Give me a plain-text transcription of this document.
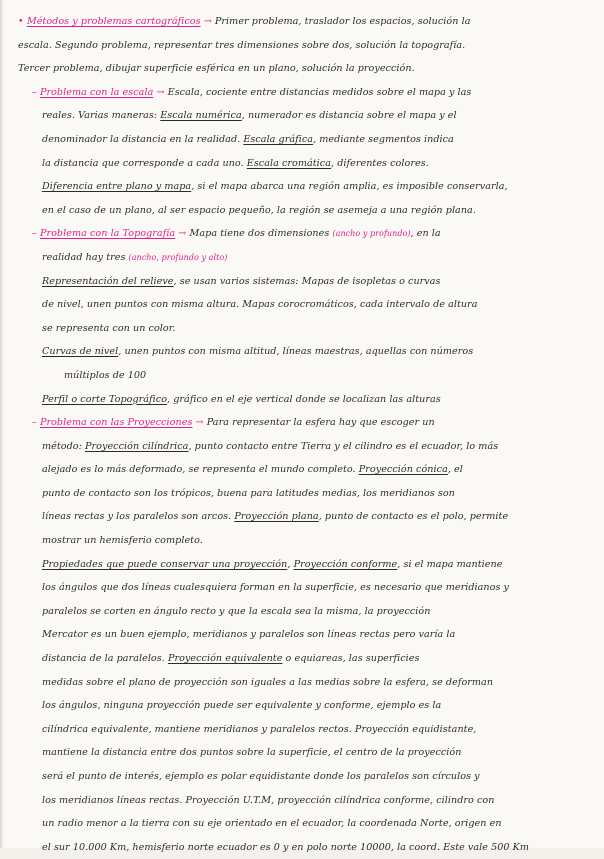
• Métodos y problemas cartográficos → Primer problema, traslador los espacios, solución la
escala. Segundo problema, representar tres dimensiones sobre dos, solución la topografía.
Tercer problema, dibujar superficie esférica en un plano, solución la proyección.
– Problema con la escala → Escala, cociente entre distancias medidos sobre el mapa y las
reales. Varias maneras: Escala numérica, numerador es distancia sobre el mapa y el
denominador la distancia en la realidad. Escala gráfica, mediante segmentos indica
la distancia que corresponde a cada uno. Escala cromática, diferentes colores.
Diferencia entre plano y mapa, si el mapa abarca una región amplia, es imposible conservarla,
en el caso de un plano, al ser espacio pequeño, la región se asemeja a una región plana.
– Problema con la Topografía → Mapa tiene dos dimensiones (ancho y profundo), en la
realidad hay tres (ancho, profundo y alto)
Representación del relieve, se usan varios sistemas: Mapas de isopletas o curvas
de nivel, unen puntos con misma altura. Mapas corocromáticos, cada intervalo de altura
se representa con un color.
Curvas de nivel, unen puntos con misma altitud, líneas maestras, aquellas con números
múltiplos de 100
Perfil o corte Topográfico, gráfico en el eje vertical donde se localizan las alturas
– Problema con las Proyecciones → Para representar la esfera hay que escoger un
método: Proyección cilíndrica, punto contacto entre Tierra y el cilindro es el ecuador, lo más
alejado es lo más deformado, se representa el mundo completo. Proyección cónica, el
punto de contacto son los trópicos, buena para latitudes medias, los meridianos son
líneas rectas y los paralelos son arcos. Proyección plana, punto de contacto es el polo, permite
mostrar un hemisferio completo.
Propiedades que puede conservar una proyección, Proyección conforme, si el mapa mantiene
los ángulos que dos líneas cualesquiera forman en la superficie, es necesario que meridianos y
paralelos se corten en ángulo recto y que la escala sea la misma, la proyección
Mercator es un buen ejemplo, meridianos y paralelos son líneas rectas pero varía la
distancia de la paralelos. Proyección equivalente o equiareas, las superficies
medidas sobre el plano de proyección son iguales a las medias sobre la esfera, se deforman
los ángulos, ninguna proyección puede ser equivalente y conforme, ejemplo es la
cilíndrica equivalente, mantiene meridianos y paralelos rectos. Proyección equidistante,
mantiene la distancia entre dos puntos sobre la superficie, el centro de la proyección
será el punto de interés, ejemplo es polar equidistante donde los paralelos son círculos y
los meridianos líneas rectas. Proyección U.T.M, proyección cilíndrica conforme, cilindro con
un radio menor a la tierra con su eje orientado en el ecuador, la coordenada Norte, origen en
el sur 10.000 Km, hemisferio norte ecuador es 0 y en polo norte 10000, la coord. Este vale 500 Km
